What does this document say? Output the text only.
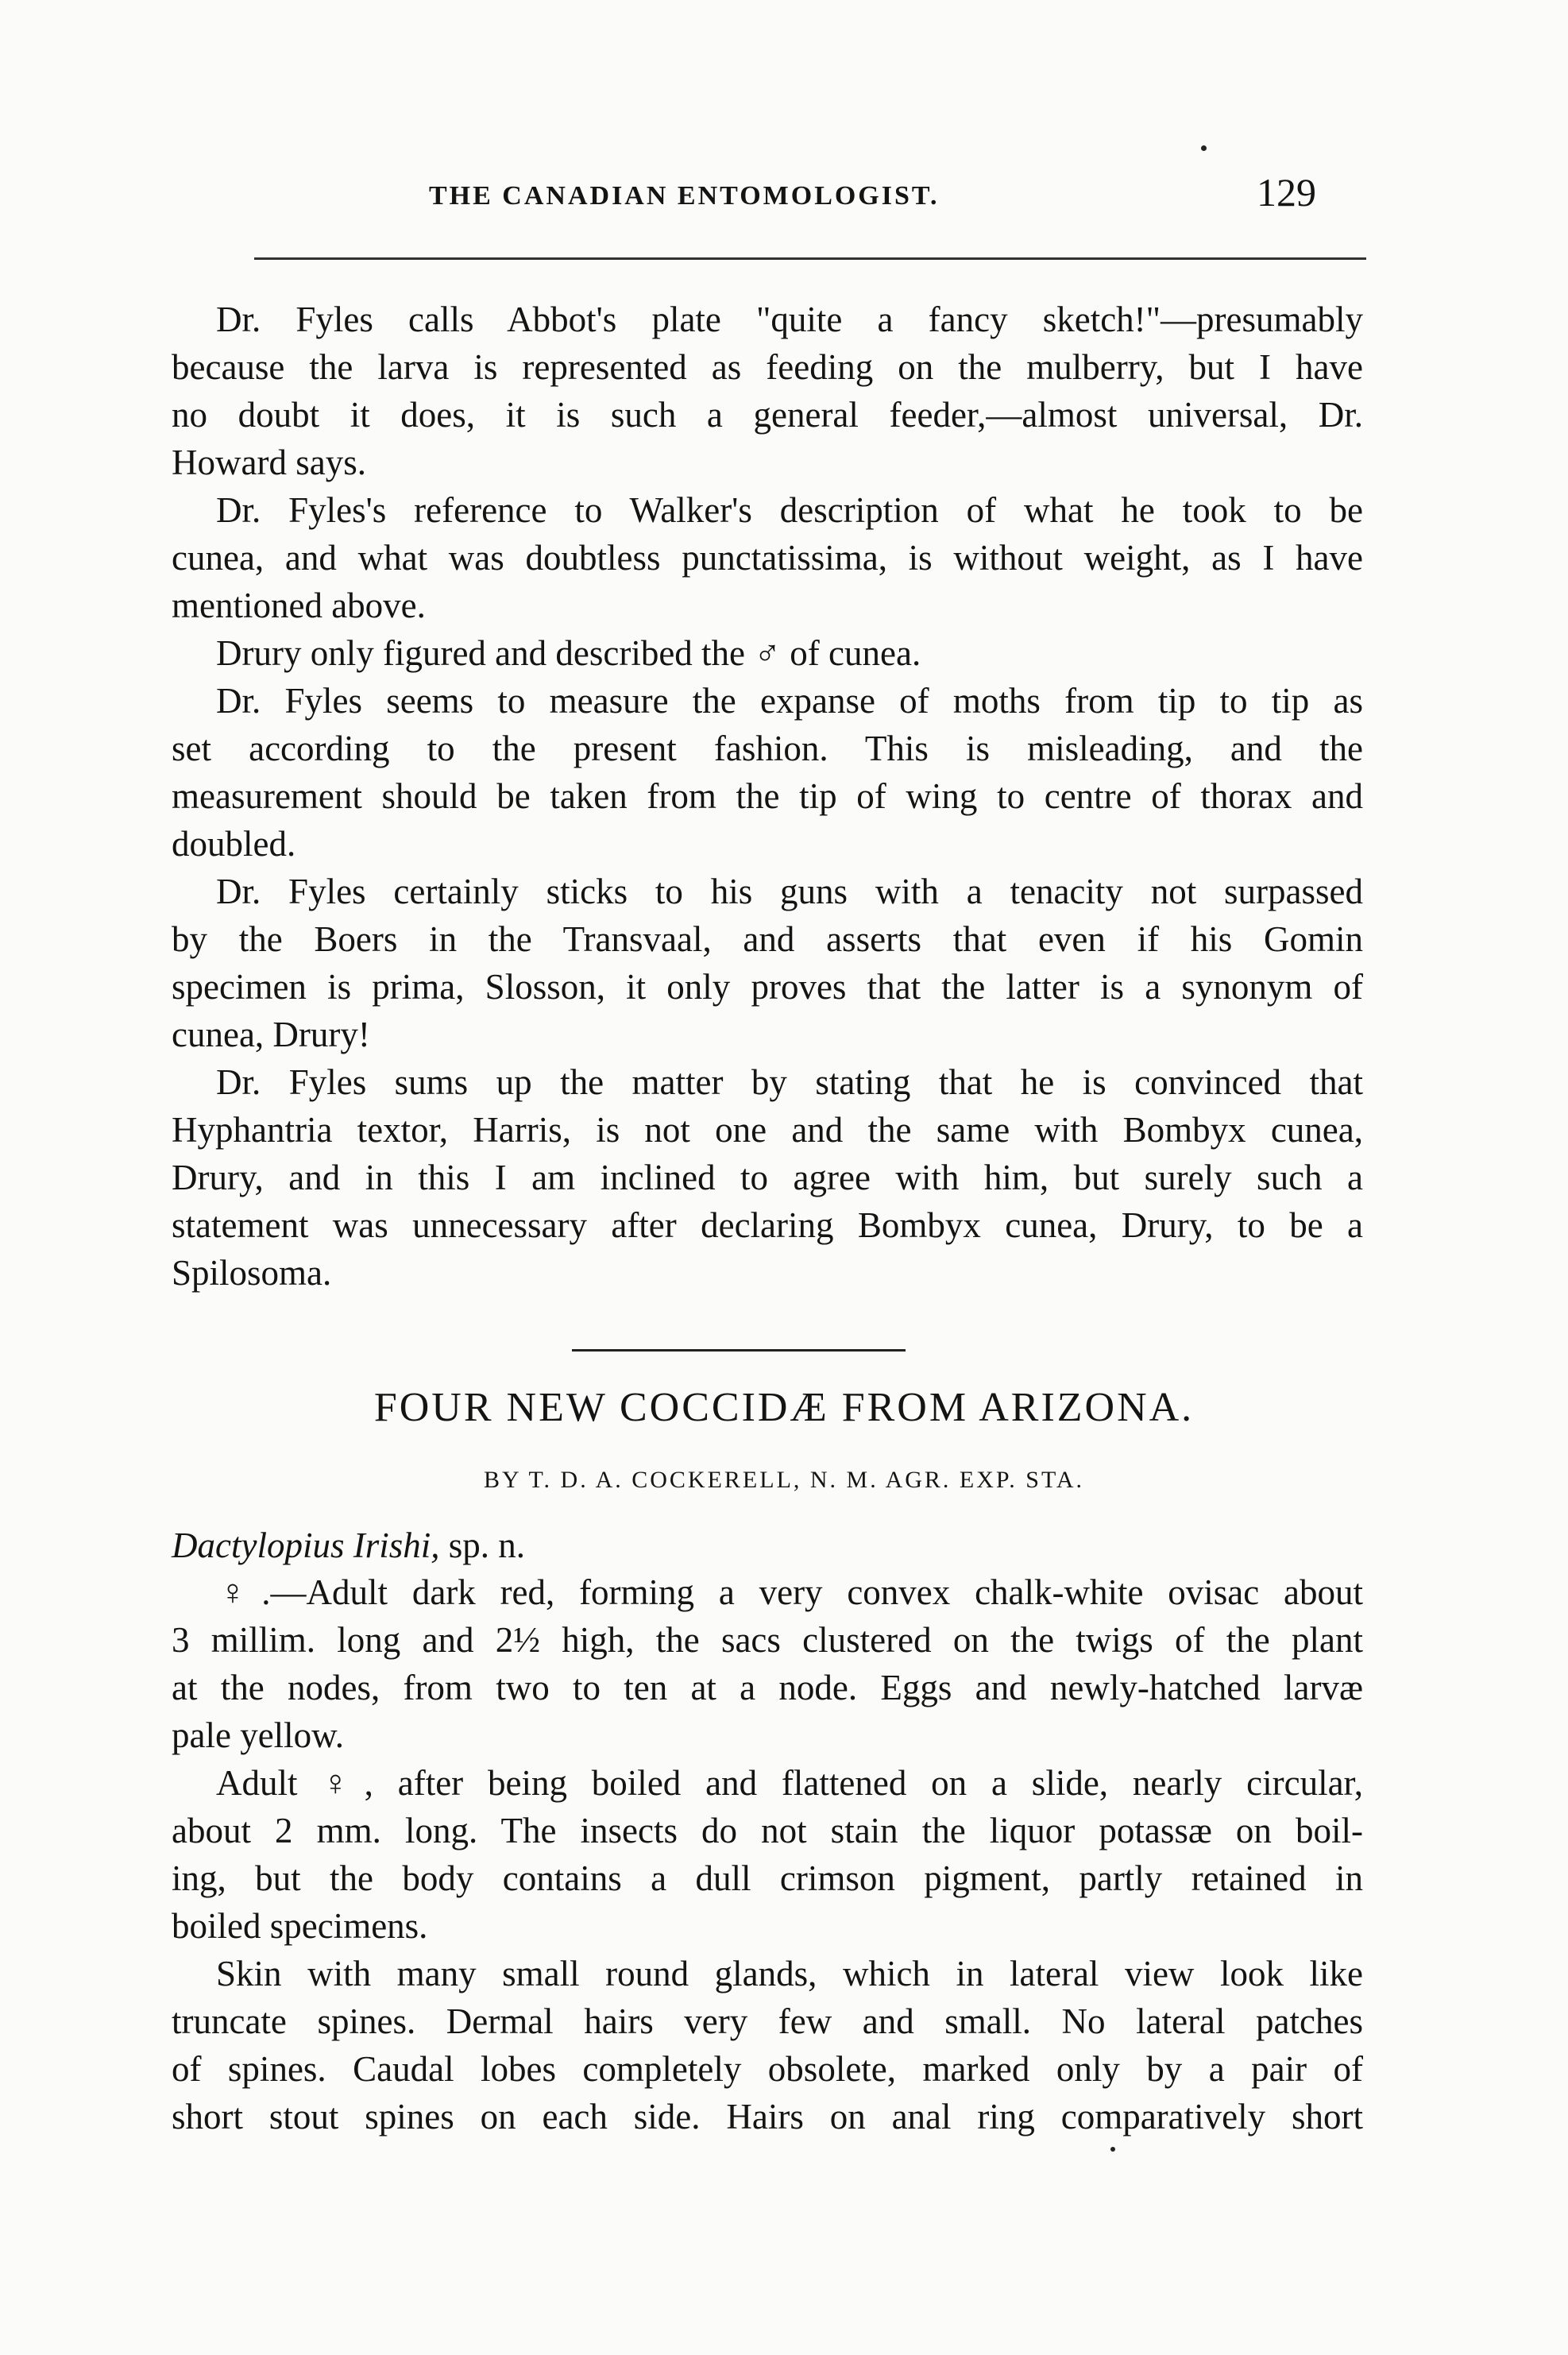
THE CANADIAN ENTOMOLOGIST.	129
Dr. Fyles calls Abbot's plate "quite a fancy sketch!"—presumably
because the larva is represented as feeding on the mulberry, but I have
no doubt it does, it is such a general feeder,—almost universal, Dr.
Howard says.
Dr. Fyles's reference to Walker's description of what he took to be
cunea, and what was doubtless punctatissima, is without weight, as I have
mentioned above.
Drury only figured and described the ♂ of cunea.
Dr. Fyles seems to measure the expanse of moths from tip to tip as
set according to the present fashion. This is misleading, and the
measurement should be taken from the tip of wing to centre of thorax and
doubled.
Dr. Fyles certainly sticks to his guns with a tenacity not surpassed
by the Boers in the Transvaal, and asserts that even if his Gomin
specimen is prima, Slosson, it only proves that the latter is a synonym of
cunea, Drury!
Dr. Fyles sums up the matter by stating that he is convinced that
Hyphantria textor, Harris, is not one and the same with Bombyx cunea,
Drury, and in this I am inclined to agree with him, but surely such a
statement was unnecessary after declaring Bombyx cunea, Drury, to be a
Spilosoma.
FOUR NEW COCCIDÆ FROM ARIZONA.
BY T. D. A. COCKERELL, N. M. AGR. EXP. STA.
Dactylopius Irishi, sp. n.
♀.—Adult dark red, forming a very convex chalk-white ovisac about
3 millim. long and 2½ high, the sacs clustered on the twigs of the plant
at the nodes, from two to ten at a node. Eggs and newly-hatched larvæ
pale yellow.
Adult ♀, after being boiled and flattened on a slide, nearly circular,
about 2 mm. long. The insects do not stain the liquor potassæ on boil-
ing, but the body contains a dull crimson pigment, partly retained in
boiled specimens.
Skin with many small round glands, which in lateral view look like
truncate spines. Dermal hairs very few and small. No lateral patches
of spines. Caudal lobes completely obsolete, marked only by a pair of
short stout spines on each side. Hairs on anal ring comparatively short
